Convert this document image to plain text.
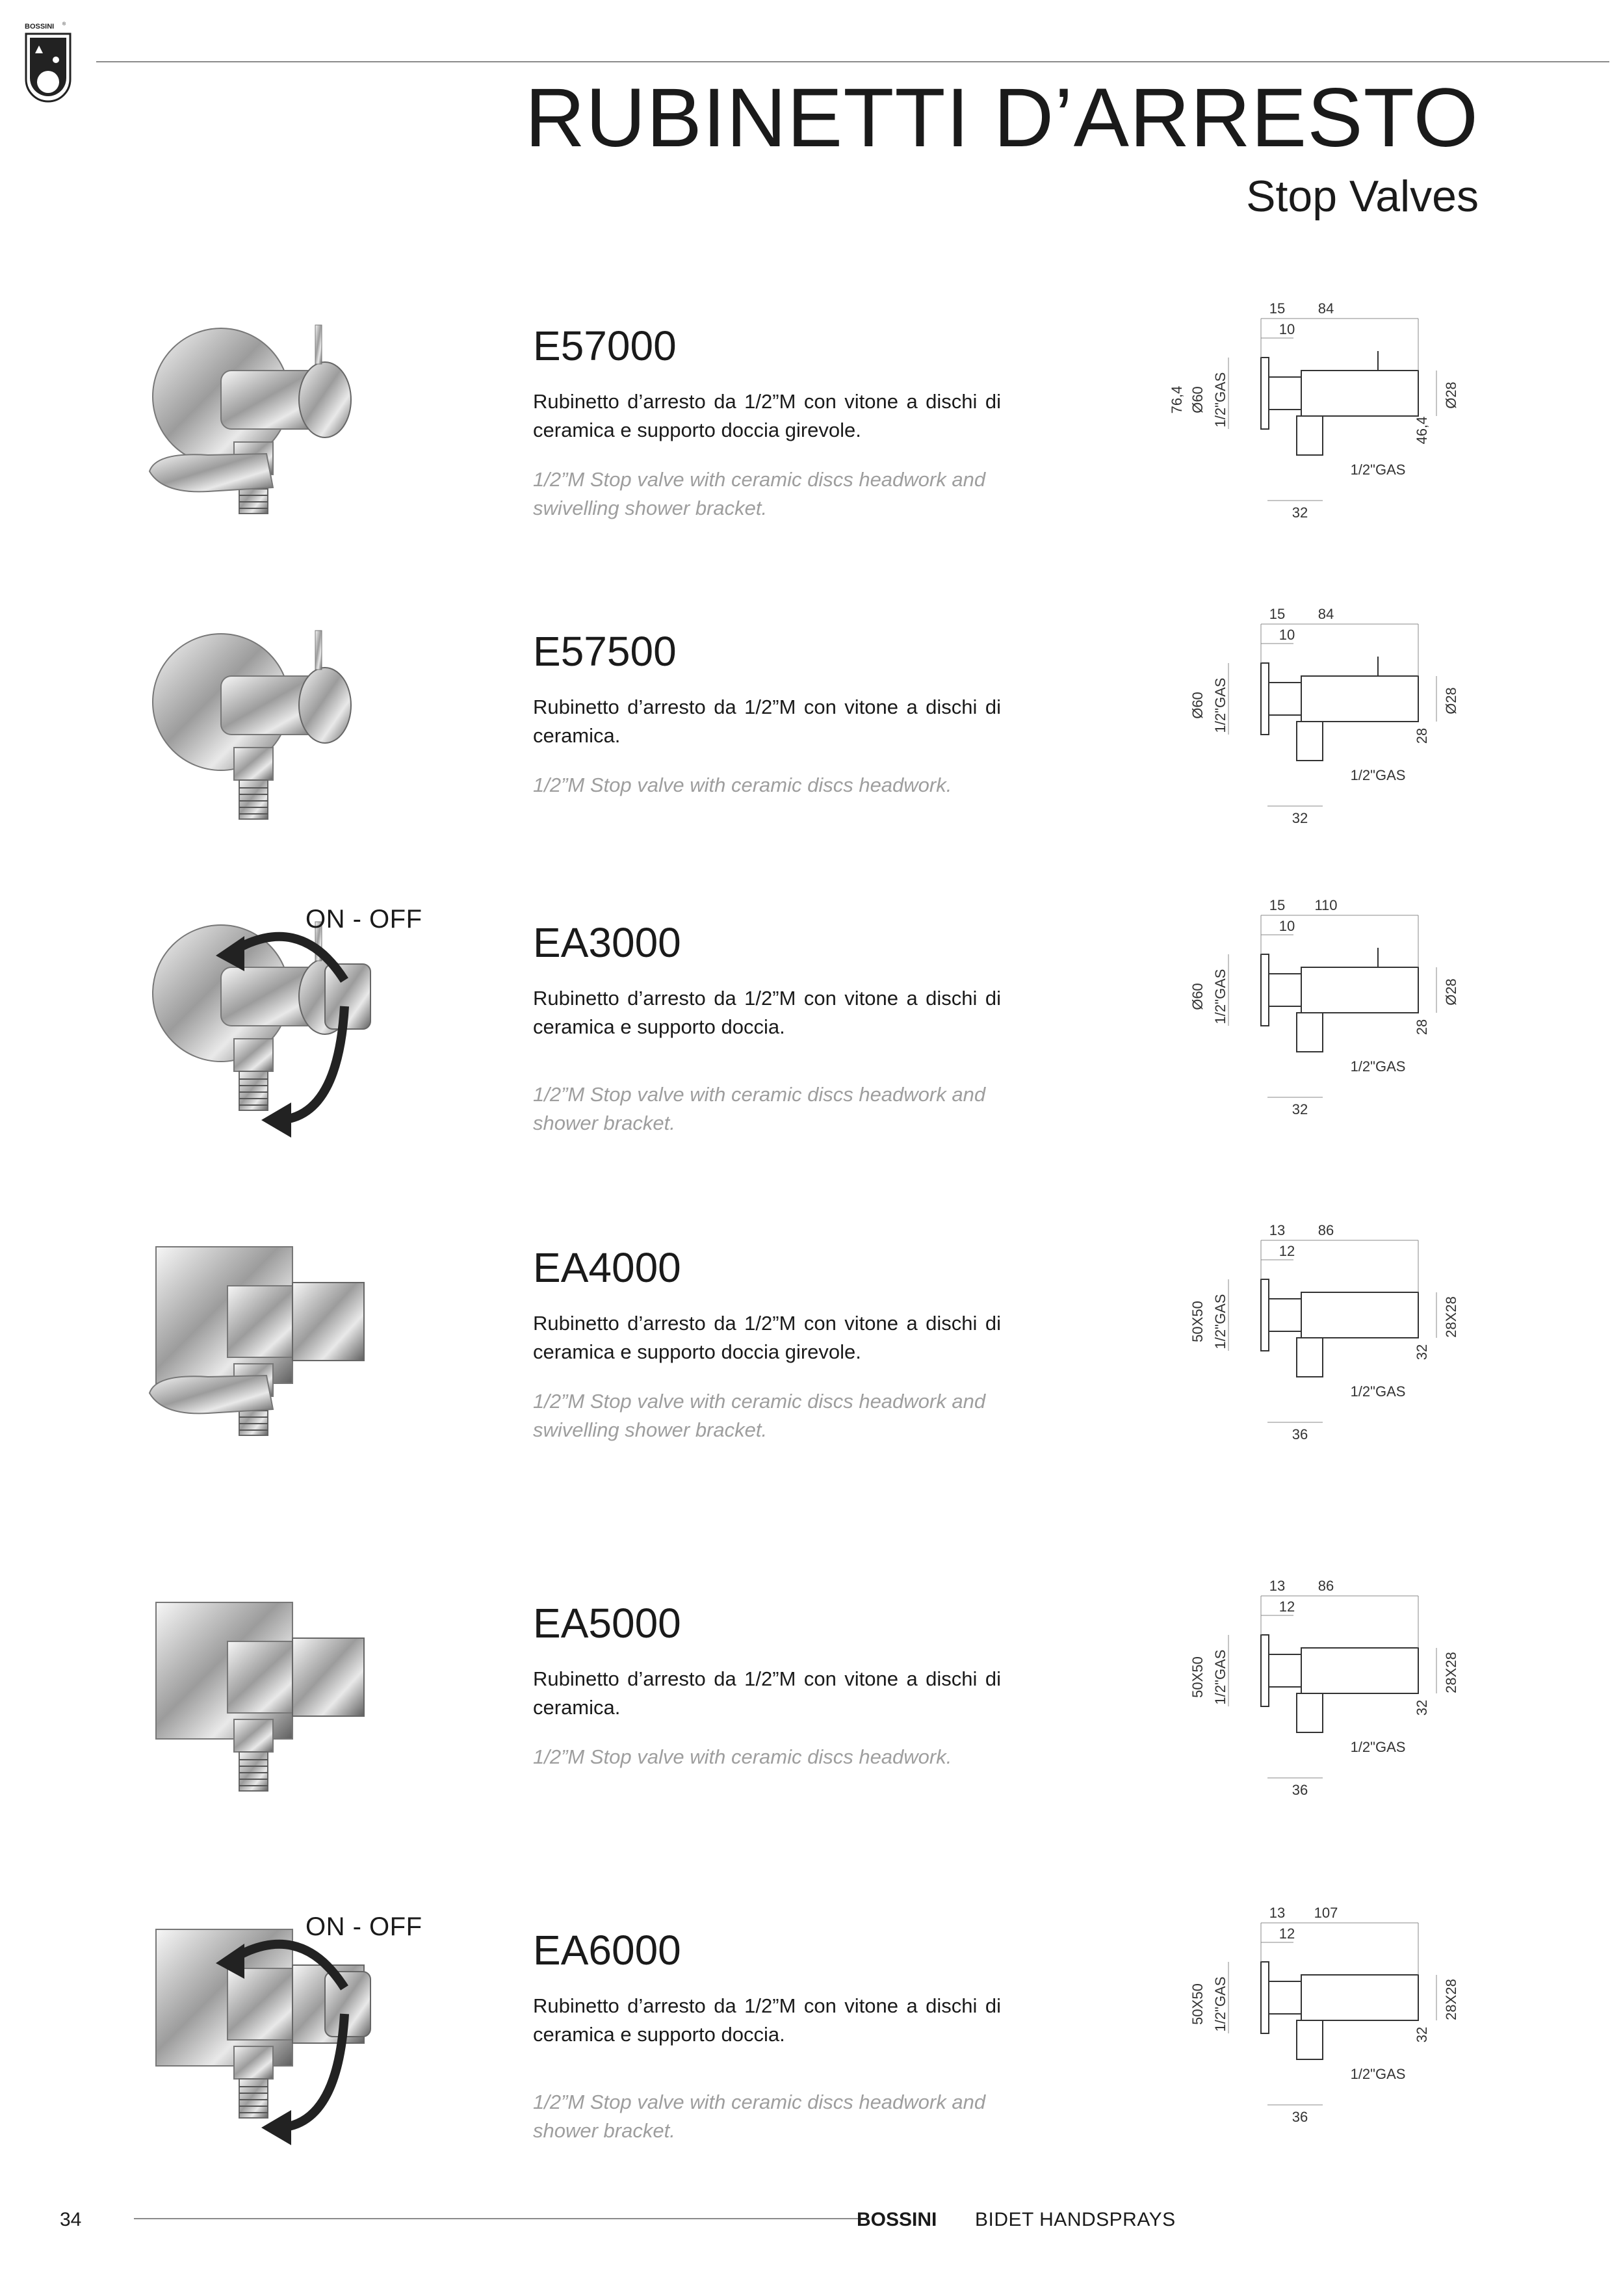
BOSSINI ®
RUBINETTI D’ARRESTO
Stop Valves
E57000
Rubinetto d’arresto da 1/2”M con vitone a dischi di ceramica e supporto doccia girevole.
1/2”M Stop valve with ceramic discs headwork and swivelling shower bracket.
15 84
10
Ø60 1/2"GAS
76,4	Ø28
46,4
1/2"GAS
32
E57500
Rubinetto d’arresto da 1/2”M con vitone a dischi di ceramica.
1/2”M Stop valve with ceramic discs headwork.
15 84
10
Ø60 1/2"GAS	Ø28
28
1/2"GAS
32
ON - OFF	EA3000
Rubinetto d’arresto da 1/2”M con vitone a dischi di ceramica e supporto doccia.
1/2”M Stop valve with ceramic discs headwork and shower bracket.
15 110
10
Ø60 1/2"GAS	Ø28
28
1/2"GAS
32
EA4000
Rubinetto d’arresto da 1/2”M con vitone a dischi di ceramica e supporto doccia girevole.
1/2”M Stop valve with ceramic discs headwork and swivelling shower bracket.
13 86
12
50X50 1/2"GAS	28X28
32
1/2"GAS
36
EA5000
Rubinetto d’arresto da 1/2”M con vitone a dischi di ceramica.
1/2”M Stop valve with ceramic discs headwork.
13 86
12
50X50 1/2"GAS	28X28
32
1/2"GAS
36
ON - OFF	EA6000
Rubinetto d’arresto da 1/2”M con vitone a dischi di ceramica e supporto doccia.
1/2”M Stop valve with ceramic discs headwork and shower bracket.
13 107
12
50X50 1/2"GAS	28X28
32
1/2"GAS
36
34	BOSSINI BIDET HANDSPRAYS
